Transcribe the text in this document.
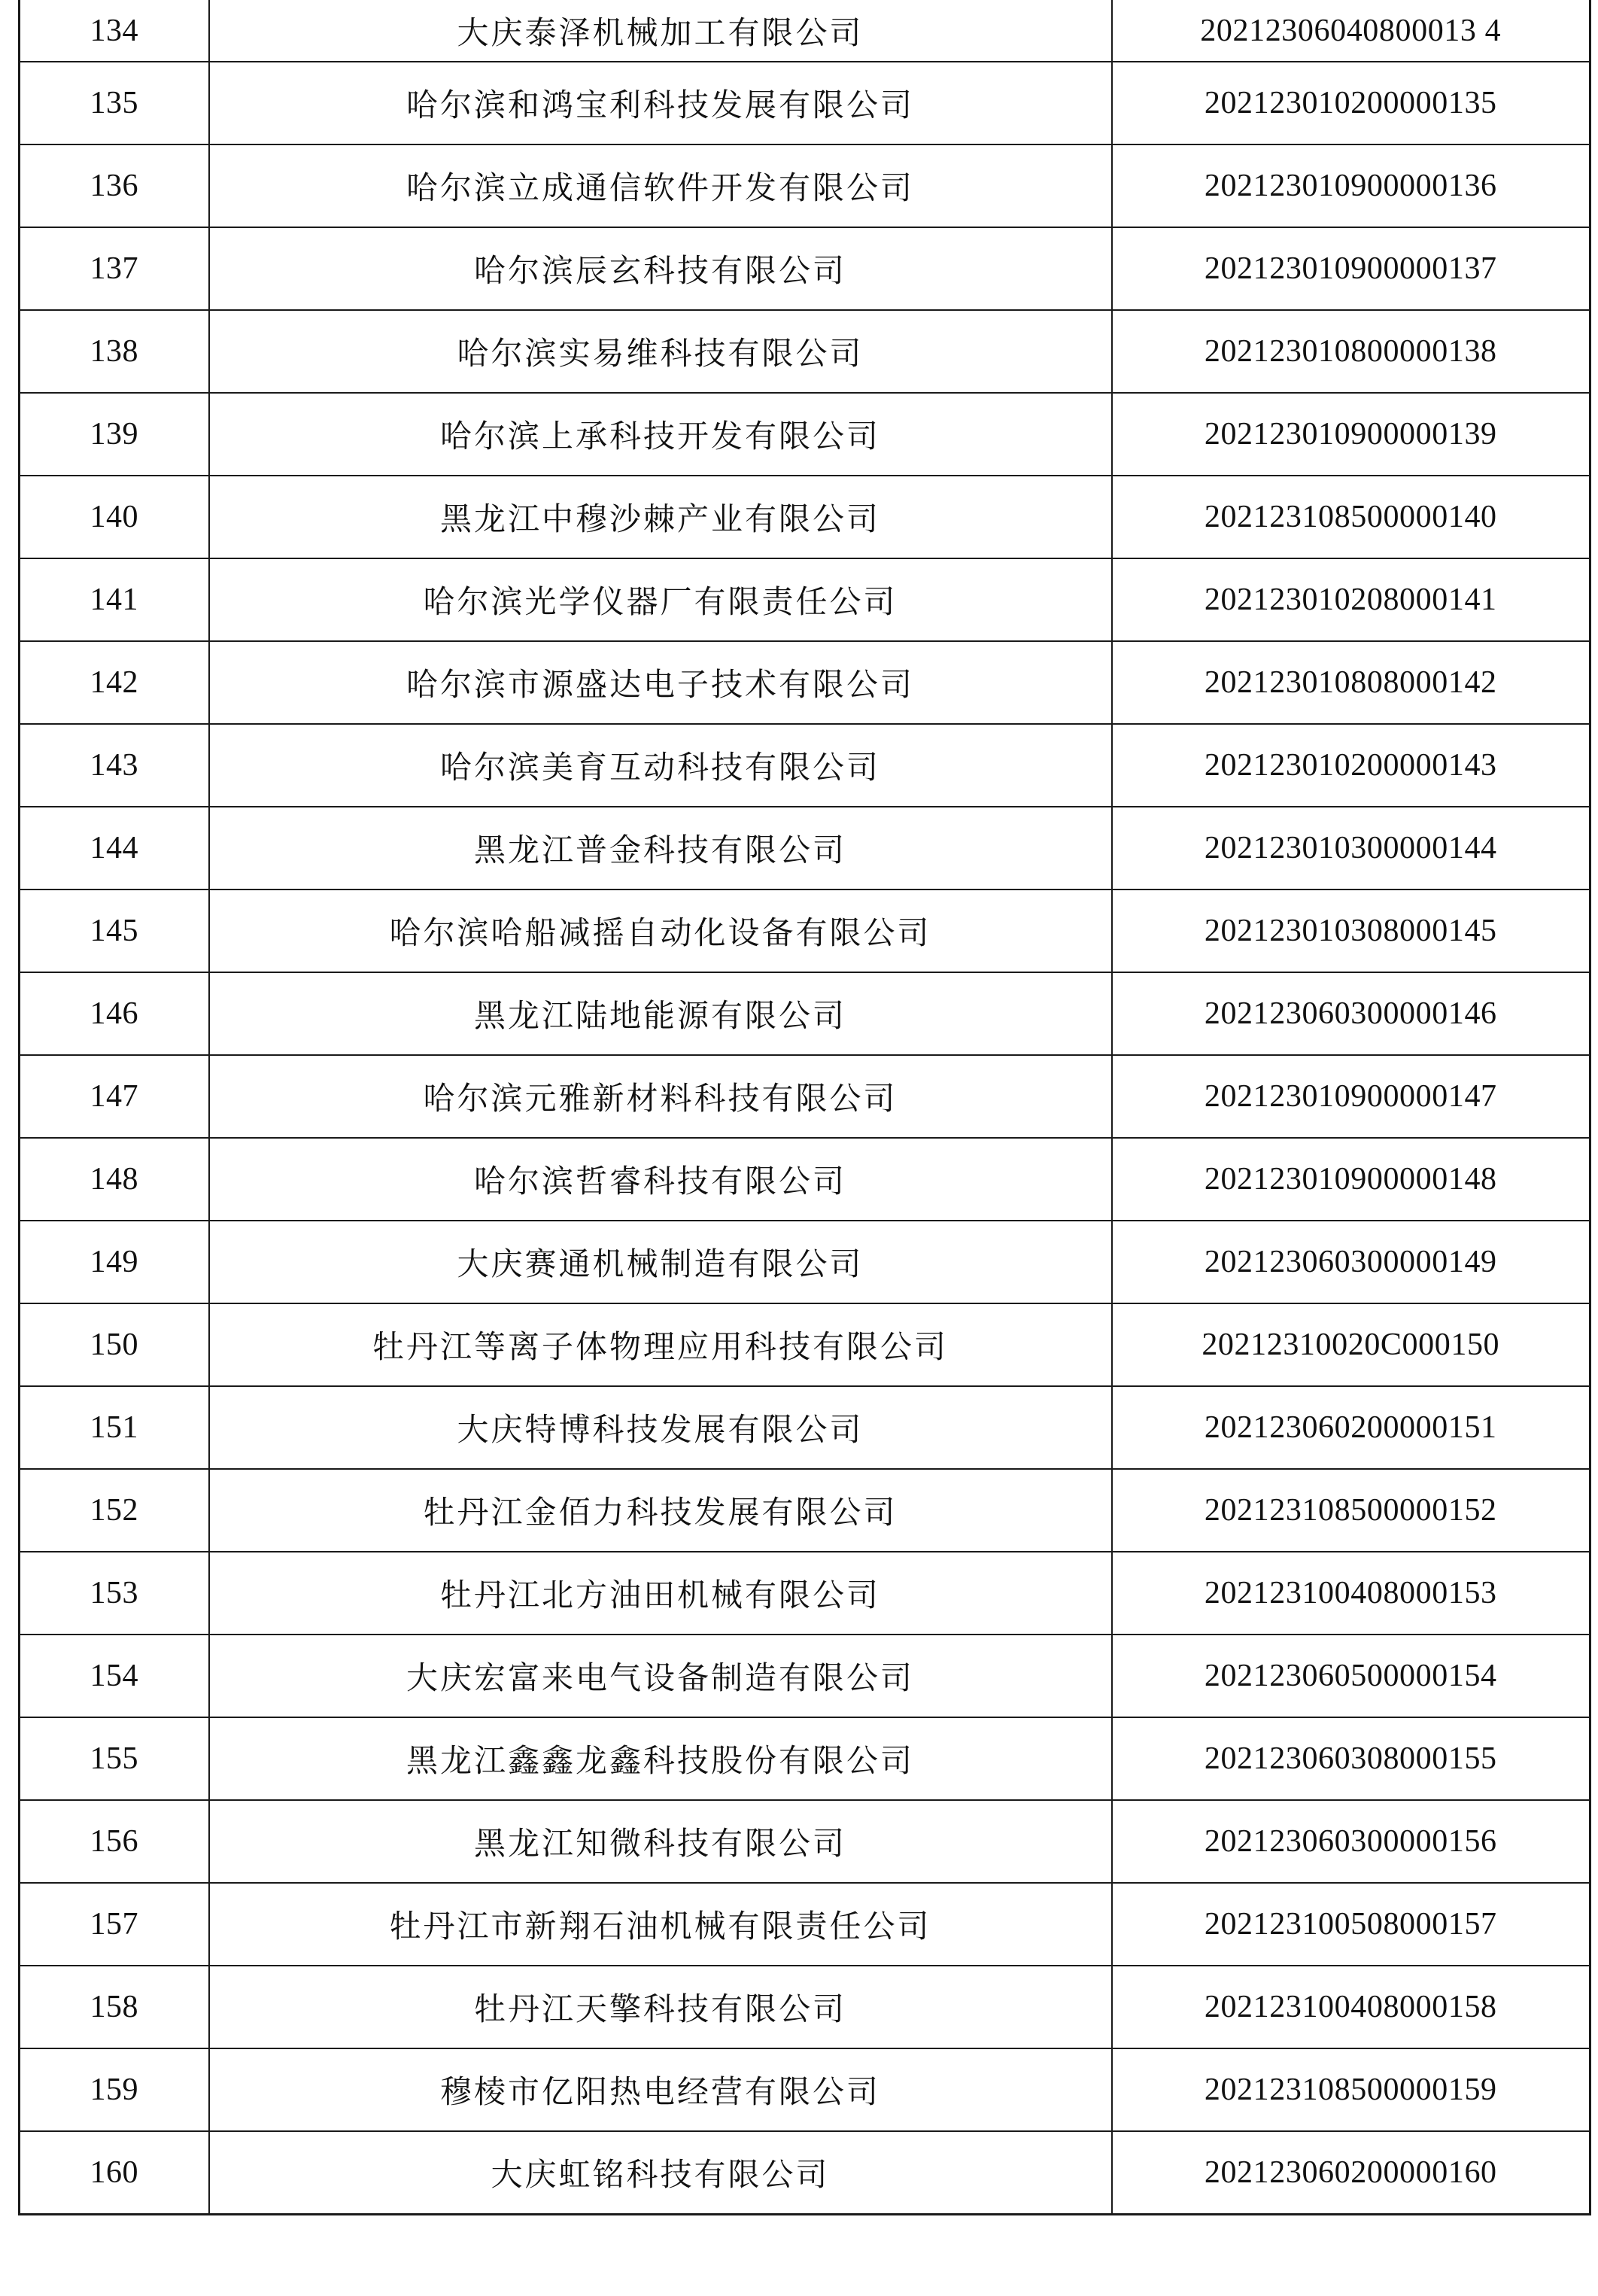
134	大庆泰泽机械加工有限公司	20212306040800013 4
135	哈尔滨和鸿宝利科技发展有限公司	202123010200000135
136	哈尔滨立成通信软件开发有限公司	202123010900000136
137	哈尔滨辰玄科技有限公司	202123010900000137
138	哈尔滨实易维科技有限公司	202123010800000138
139	哈尔滨上承科技开发有限公司	202123010900000139
140	黑龙江中穆沙棘产业有限公司	202123108500000140
141	哈尔滨光学仪器厂有限责任公司	202123010208000141
142	哈尔滨市源盛达电子技术有限公司	202123010808000142
143	哈尔滨美育互动科技有限公司	202123010200000143
144	黑龙江普金科技有限公司	202123010300000144
145	哈尔滨哈船减摇自动化设备有限公司	202123010308000145
146	黑龙江陆地能源有限公司	202123060300000146
147	哈尔滨元雅新材料科技有限公司	202123010900000147
148	哈尔滨哲睿科技有限公司	202123010900000148
149	大庆赛通机械制造有限公司	202123060300000149
150	牡丹江等离子体物理应用科技有限公司	20212310020C000150
151	大庆特博科技发展有限公司	202123060200000151
152	牡丹江金佰力科技发展有限公司	202123108500000152
153	牡丹江北方油田机械有限公司	202123100408000153
154	大庆宏富来电气设备制造有限公司	202123060500000154
155	黑龙江鑫鑫龙鑫科技股份有限公司	202123060308000155
156	黑龙江知微科技有限公司	202123060300000156
157	牡丹江市新翔石油机械有限责任公司	202123100508000157
158	牡丹江天擎科技有限公司	202123100408000158
159	穆棱市亿阳热电经营有限公司	202123108500000159
160	大庆虹铭科技有限公司	202123060200000160
